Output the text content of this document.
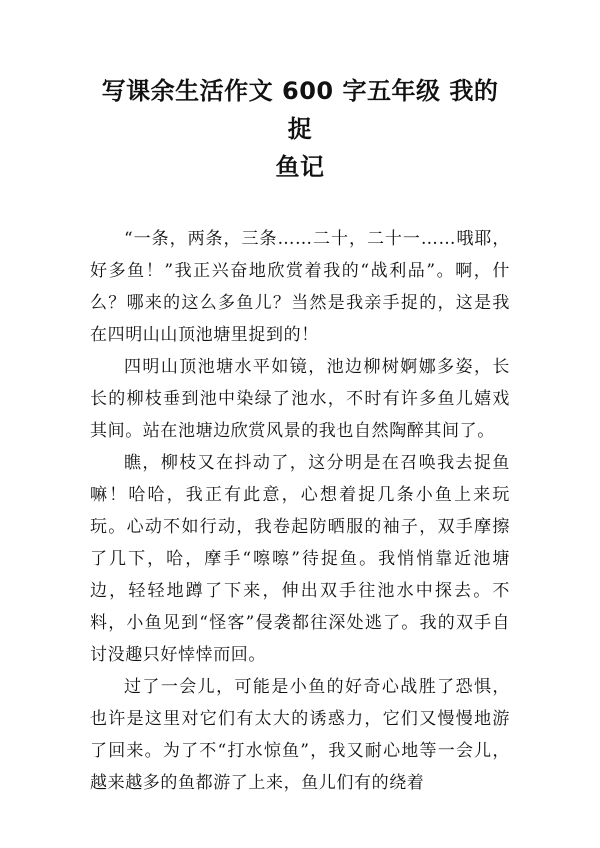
写课余生活作文 600 字五年级 我的捉
鱼记

“一条，两条，三条……二十，二十一……哦耶，好多鱼！”我正兴奋地欣赏着我的“战利品”。啊，什么？哪来的这么多鱼儿？当然是我亲手捉的，这是我在四明山山顶池塘里捉到的！

四明山顶池塘水平如镜，池边柳树婀娜多姿，长长的柳枝垂到池中染绿了池水，不时有许多鱼儿嬉戏其间。站在池塘边欣赏风景的我也自然陶醉其间了。

瞧，柳枝又在抖动了，这分明是在召唤我去捉鱼嘛！哈哈，我正有此意，心想着捉几条小鱼上来玩玩。心动不如行动，我卷起防晒服的袖子，双手摩擦了几下，哈，摩手“嚓嚓”待捉鱼。我悄悄靠近池塘边，轻轻地蹲了下来，伸出双手往池水中探去。不料，小鱼见到“怪客”侵袭都往深处逃了。我的双手自讨没趣只好悻悻而回。

过了一会儿，可能是小鱼的好奇心战胜了恐惧，也许是这里对它们有太大的诱惑力，它们又慢慢地游了回来。为了不“打水惊鱼”，我又耐心地等一会儿，越来越多的鱼都游了上来，鱼儿们有的绕着
